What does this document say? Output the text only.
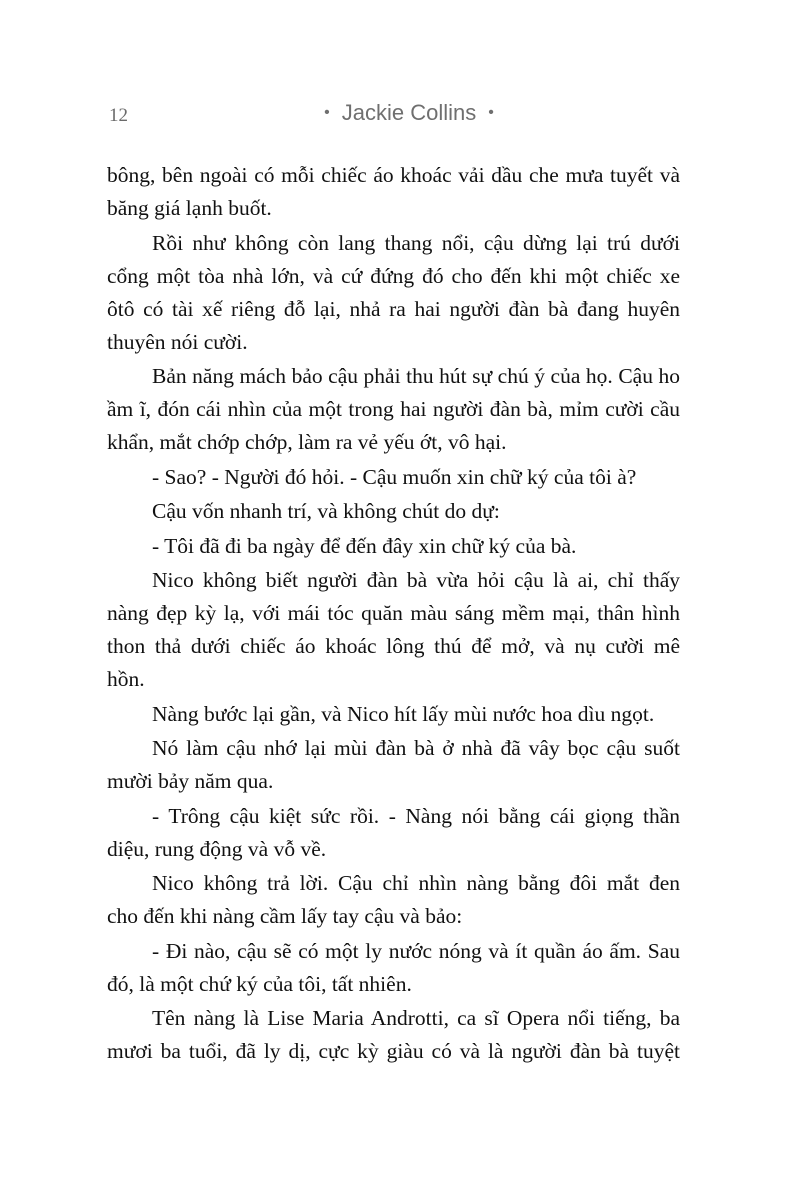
12	• Jackie Collins •
bông, bên ngoài có mỗi chiếc áo khoác vải dầu che mưa tuyết và
băng giá lạnh buốt.
Rồi như không còn lang thang nổi, cậu dừng lại trú dưới
cổng một tòa nhà lớn, và cứ đứng đó cho đến khi một chiếc xe
ôtô có tài xế riêng đỗ lại, nhả ra hai người đàn bà đang huyên
thuyên nói cười.
Bản năng mách bảo cậu phải thu hút sự chú ý của họ. Cậu ho
ầm ĩ, đón cái nhìn của một trong hai người đàn bà, mỉm cười cầu
khẩn, mắt chớp chớp, làm ra vẻ yếu ớt, vô hại.
- Sao? - Người đó hỏi. - Cậu muốn xin chữ ký của tôi à?
Cậu vốn nhanh trí, và không chút do dự:
- Tôi đã đi ba ngày để đến đây xin chữ ký của bà.
Nico không biết người đàn bà vừa hỏi cậu là ai, chỉ thấy
nàng đẹp kỳ lạ, với mái tóc quăn màu sáng mềm mại, thân hình
thon thả dưới chiếc áo khoác lông thú để mở, và nụ cười mê
hồn.
Nàng bước lại gần, và Nico hít lấy mùi nước hoa dìu ngọt.
Nó làm cậu nhớ lại mùi đàn bà ở nhà đã vây bọc cậu suốt
mười bảy năm qua.
- Trông cậu kiệt sức rồi. - Nàng nói bằng cái giọng thần
diệu, rung động và vỗ về.
Nico không trả lời. Cậu chỉ nhìn nàng bằng đôi mắt đen
cho đến khi nàng cầm lấy tay cậu và bảo:
- Đi nào, cậu sẽ có một ly nước nóng và ít quần áo ấm. Sau
đó, là một chứ ký của tôi, tất nhiên.
Tên nàng là Lise Maria Androtti, ca sĩ Opera nổi tiếng, ba
mươi ba tuổi, đã ly dị, cực kỳ giàu có và là người đàn bà tuyệt
